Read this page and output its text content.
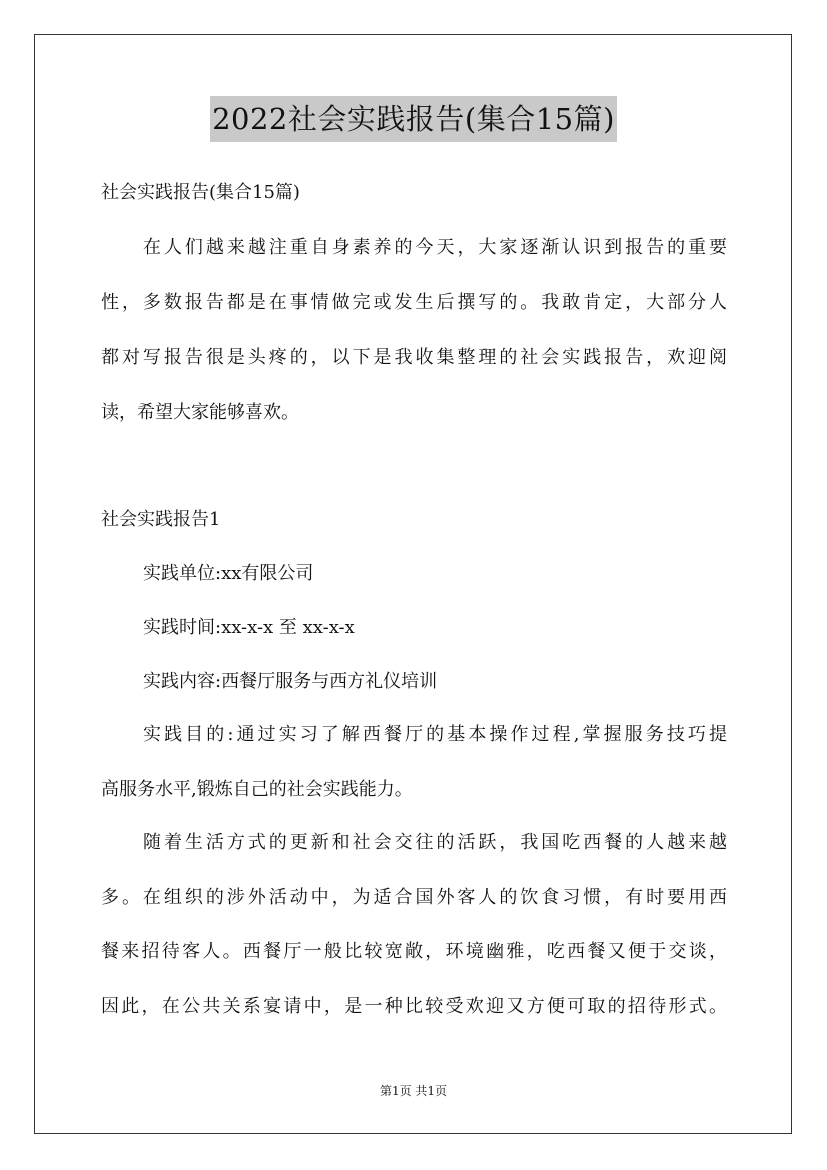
2022社会实践报告(集合15篇)
社会实践报告(集合15篇)
在人们越来越注重自身素养的今天，大家逐渐认识到报告的重要
性，多数报告都是在事情做完或发生后撰写的。我敢肯定，大部分人
都对写报告很是头疼的，以下是我收集整理的社会实践报告，欢迎阅
读，希望大家能够喜欢。
社会实践报告1
实践单位:xx有限公司
实践时间:xx-x-x 至 xx-x-x
实践内容:西餐厅服务与西方礼仪培训
实践目的:通过实习了解西餐厅的基本操作过程,掌握服务技巧提
高服务水平,锻炼自己的社会实践能力。
随着生活方式的更新和社会交往的活跃，我国吃西餐的人越来越
多。在组织的涉外活动中，为适合国外客人的饮食习惯，有时要用西
餐来招待客人。西餐厅一般比较宽敞，环境幽雅，吃西餐又便于交谈，
因此，在公共关系宴请中，是一种比较受欢迎又方便可取的招待形式。
第1页 共1页
